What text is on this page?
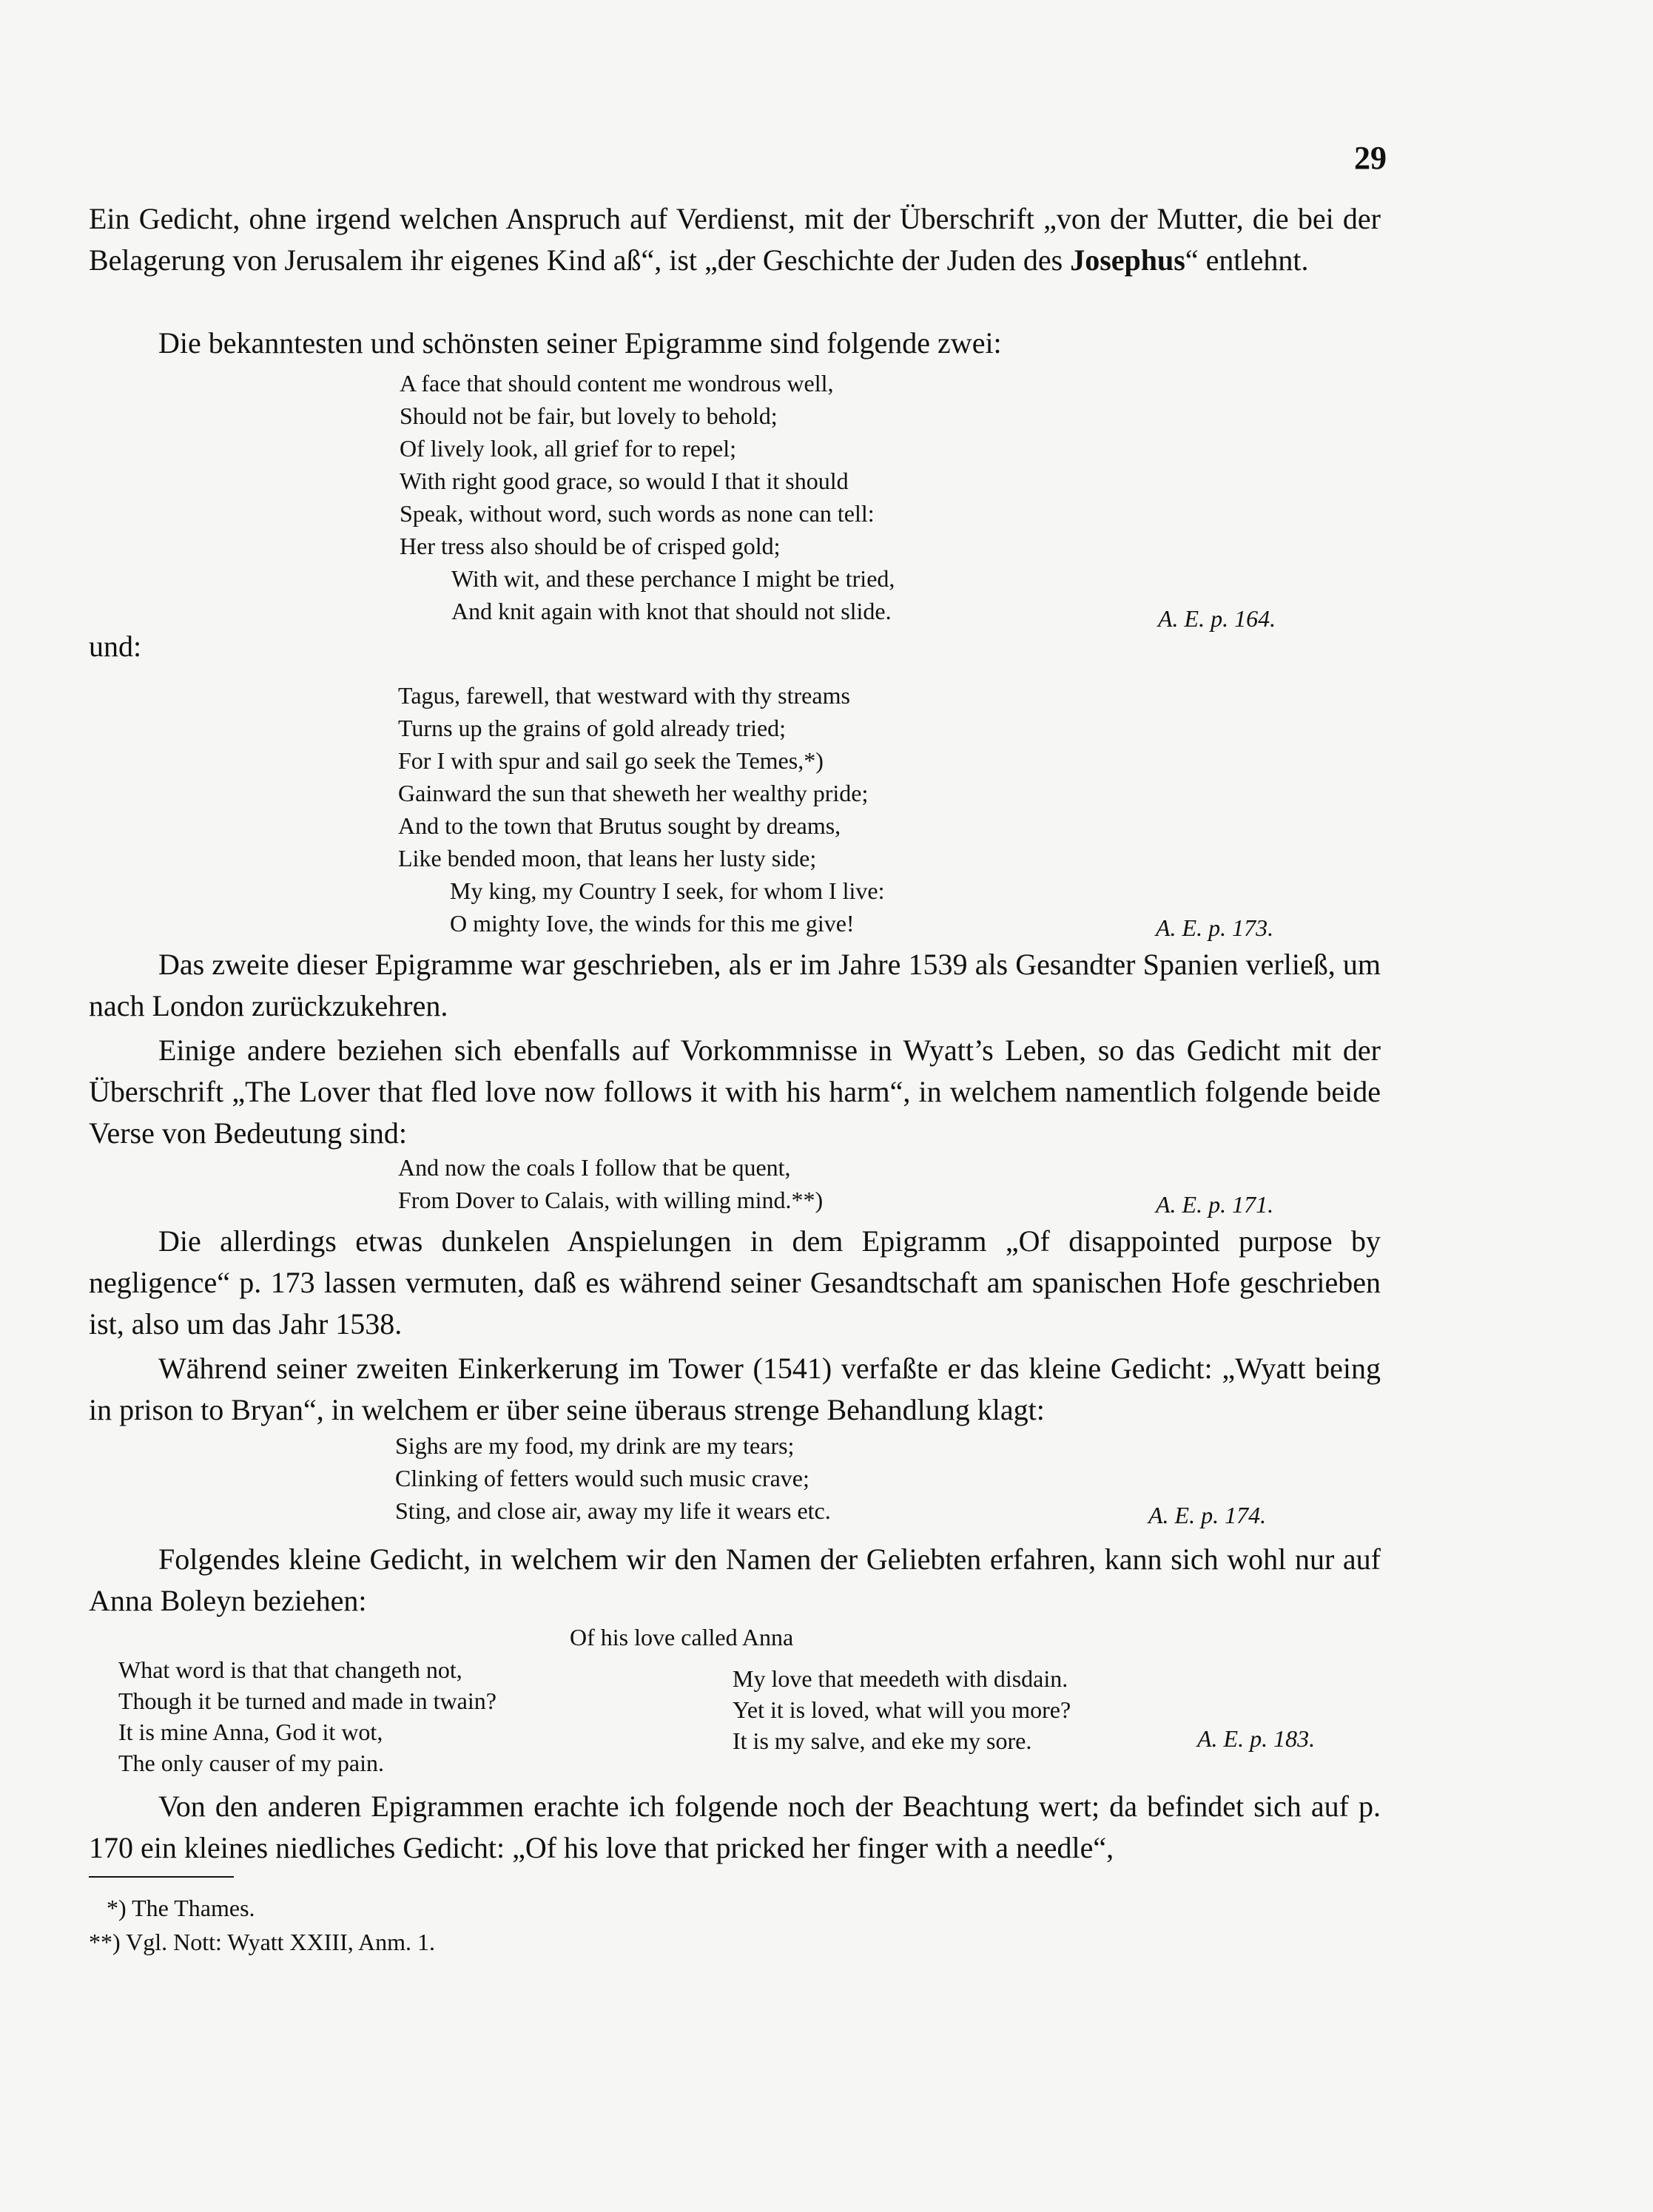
29

Ein Gedicht, ohne irgend welchen Anspruch auf Verdienst, mit der Überschrift „von der Mutter, die bei der Belagerung von Jerusalem ihr eigenes Kind aß“, ist „der Geschichte der Juden des Josephus“ entlehnt.

Die bekanntesten und schönsten seiner Epigramme sind folgende zwei:

A face that should content me wondrous well,
Should not be fair, but lovely to behold;
Of lively look, all grief for to repel;
With right good grace, so would I that it should
Speak, without word, such words as none can tell:
Her tress also should be of crisped gold;
With wit, and these perchance I might be tried,
And knit again with knot that should not slide.	A. E. p. 164.
und:
Tagus, farewell, that westward with thy streams
Turns up the grains of gold already tried;
For I with spur and sail go seek the Temes,*)
Gainward the sun that sheweth her wealthy pride;
And to the town that Brutus sought by dreams,
Like bended moon, that leans her lusty side;
My king, my Country I seek, for whom I live:
O mighty Iove, the winds for this me give!	A. E. p. 173.

Das zweite dieser Epigramme war geschrieben, als er im Jahre 1539 als Gesandter Spanien verließ, um nach London zurückzukehren.

Einige andere beziehen sich ebenfalls auf Vorkommnisse in Wyatt’s Leben, so das Gedicht mit der Überschrift „The Lover that fled love now follows it with his harm“, in welchem namentlich folgende beide Verse von Bedeutung sind:

And now the coals I follow that be quent,
From Dover to Calais, with willing mind.**)	A. E. p. 171.

Die allerdings etwas dunkelen Anspielungen in dem Epigramm „Of disappointed purpose by negligence“ p. 173 lassen vermuten, daß es während seiner Gesandtschaft am spanischen Hofe geschrieben ist, also um das Jahr 1538.

Während seiner zweiten Einkerkerung im Tower (1541) verfaßte er das kleine Gedicht: „Wyatt being in prison to Bryan“, in welchem er über seine überaus strenge Behandlung klagt:

Sighs are my food, my drink are my tears;
Clinking of fetters would such music crave;
Sting, and close air, away my life it wears etc.	A. E. p. 174.

Folgendes kleine Gedicht, in welchem wir den Namen der Geliebten erfahren, kann sich wohl nur auf Anna Boleyn beziehen:

Of his love called Anna
What word is that that changeth not,
Though it be turned and made in twain?
It is mine Anna, God it wot,
The only causer of my pain.
My love that meedeth with disdain.
Yet it is loved, what will you more?
It is my salve, and eke my sore.	A. E. p. 183.

Von den anderen Epigrammen erachte ich folgende noch der Beachtung wert; da befindet sich auf p. 170 ein kleines niedliches Gedicht: „Of his love that pricked her finger with a needle“,

*) The Thames.
**) Vgl. Nott: Wyatt XXIII, Anm. 1.
